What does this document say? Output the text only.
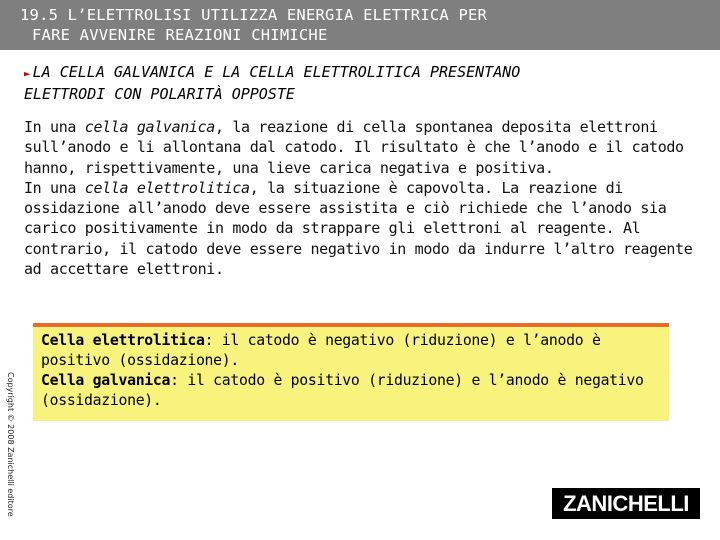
19.5 L’ELETTROLISI UTILIZZA ENERGIA ELETTRICA PER
FARE AVVENIRE REAZIONI CHIMICHE
► LA CELLA GALVANICA E LA CELLA ELETTROLITICA PRESENTANO
ELETTRODI CON POLARITÀ OPPOSTE
In una cella galvanica, la reazione di cella spontanea deposita elettroni sull’anodo e li allontana dal catodo. Il risultato è che l’anodo e il catodo hanno, rispettivamente, una lieve carica negativa e positiva.
In una cella elettrolitica, la situazione è capovolta. La reazione di ossidazione all’anodo deve essere assistita e ciò richiede che l’anodo sia carico positivamente in modo da strappare gli elettroni al reagente. Al contrario, il catodo deve essere negativo in modo da indurre l’altro reagente ad accettare elettroni.
Cella elettrolitica: il catodo è negativo (riduzione) e l’anodo è positivo (ossidazione).
Cella galvanica: il catodo è positivo (riduzione) e l’anodo è negativo (ossidazione).
Copyright © 2008 Zanichelli editore	ZANICHELLI
